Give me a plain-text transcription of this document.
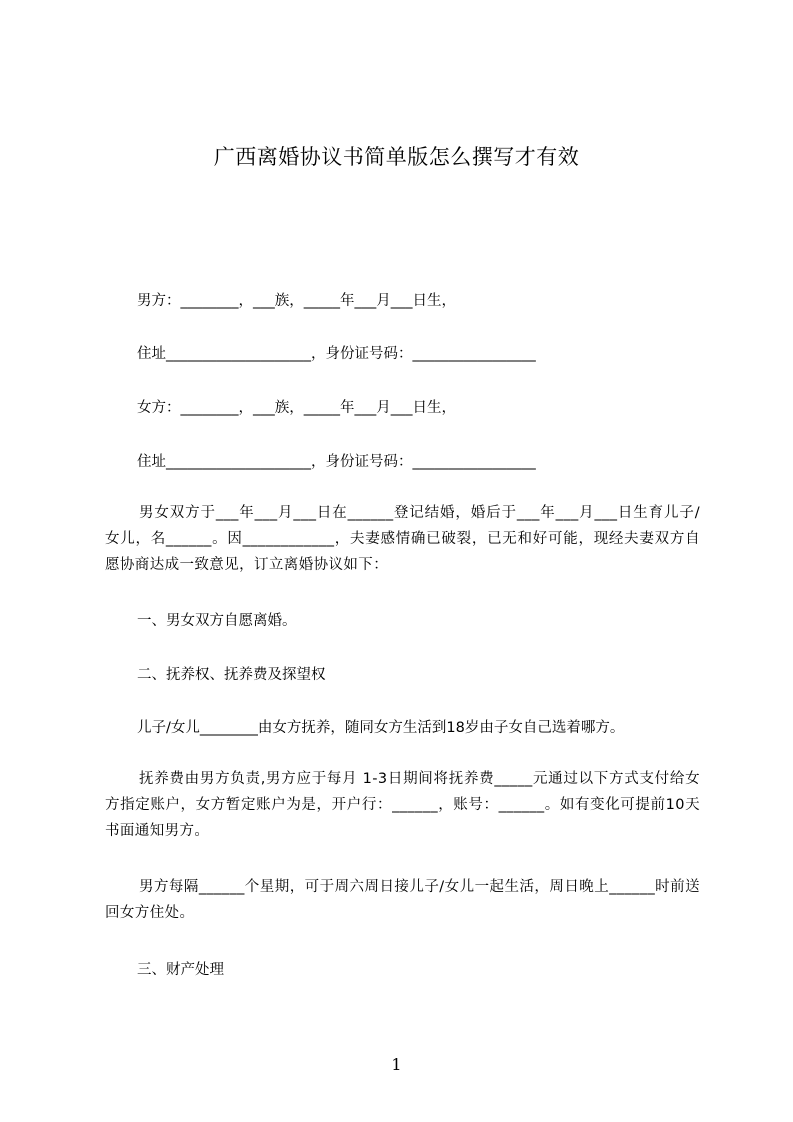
广西离婚协议书简单版怎么撰写才有效
男方：________，___族，_____年___月___日生，
住址____________________，身份证号码：_________________
女方：________，___族，_____年___月___日生，
住址____________________，身份证号码：_________________
男女双方于___年___月___日在______登记结婚，婚后于___年___月___日生育儿子/女儿，名______。因____________，夫妻感情确已破裂，已无和好可能，现经夫妻双方自愿协商达成一致意见，订立离婚协议如下：
一、男女双方自愿离婚。
二、抚养权、抚养费及探望权
儿子/女儿________由女方抚养，随同女方生活到18岁由子女自己选着哪方。
抚养费由男方负责,男方应于每月 1-3日期间将抚养费_____元通过以下方式支付给女方指定账户，女方暂定账户为是，开户行：______，账号：______。如有变化可提前10天书面通知男方。
男方每隔______个星期，可于周六周日接儿子/女儿一起生活，周日晚上______时前送回女方住处。
三、财产处理
1
